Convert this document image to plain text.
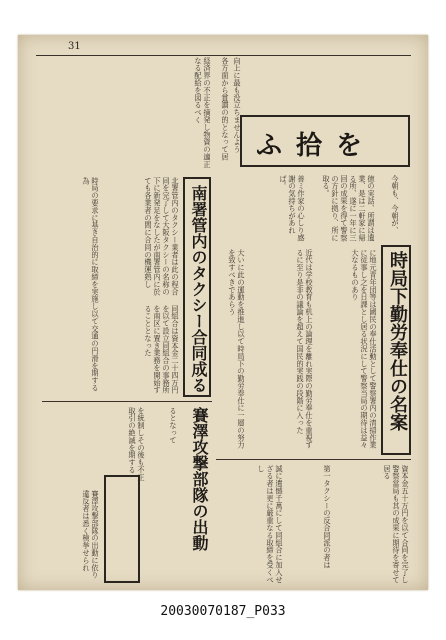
31
を拾ふ
今朝も、今朝が、
徳の実話、所謂は遺業、是は二軒家に帰る所、遂に一年に三回の成果を得て警察の方針に拠り、所に取る。
善ミ作家の心しり感謝の気持ちがあれば。
向上に最も没立ちませんよう
各方面から賞讃の的となって居
経済界の不正を摘発し物資の適正なる配給を図るべく
時局下勤労奉仕の名案
に地元青年団等は國民の奉仕活動として警察署内の清掃作業に従事し之を日課とし居る状況にして警察当局の期待は益々大なるものあり
近代は学校教育も机上の論理を離れ実際の勤労奉仕を重視するに至り是非の議論を超えて国民的実践の段階に入った
大いに此の運動を推進し以て時局下の勤労奉仕に一層の努力を致すべきであらう
南署管内のタクシー合同成る
北署管内のタクシー業者は此の程合同を完了して大阪タクシーの名称の下に新発足をなしたが南署管内に於ても各業者の間に合同の機運熟し
同組合は資本金二十四万円を以て設立同組合の事務所を南区に置き業務を開始することとなった
時局の要求に基き自治的に取締を実施し以て交通の円滑を期する為
賽澤攻撃部隊の出動
るとなって
を統制しその後も不正取引の絶滅を期する
賽澤攻撃部隊の出動に依り違反者は悉く検挙せられ	資本金五十万円を以て合同を完了し警察當局も其の成果に期待を寄せて居る
第一タクシーの反合同派の者は
誠に遺憾千萬にして同組合に加入せざる者は更に厳重なる取締を受くべし
20030070187_P033
